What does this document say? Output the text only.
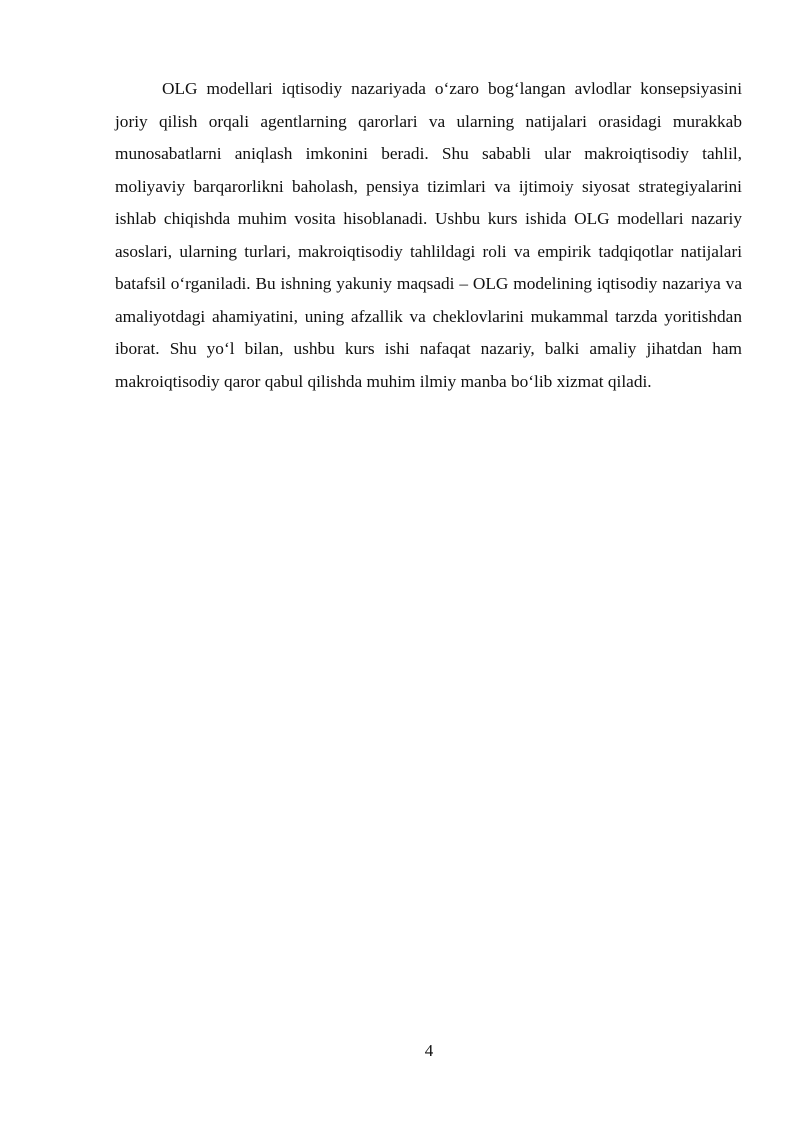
OLG modellari iqtisodiy nazariyada o‘zaro bog‘langan avlodlar konsepsiyasini joriy qilish orqali agentlarning qarorlari va ularning natijalari orasidagi murakkab munosabatlarni aniqlash imkonini beradi. Shu sababli ular makroiqtisodiy tahlil, moliyaviy barqarorlikni baholash, pensiya tizimlari va ijtimoiy siyosat strategiyalarini ishlab chiqishda muhim vosita hisoblanadi. Ushbu kurs ishida OLG modellari nazariy asoslari, ularning turlari, makroiqtisodiy tahlildagi roli va empirik tadqiqotlar natijalari batafsil o‘rganiladi. Bu ishning yakuniy maqsadi – OLG modelining iqtisodiy nazariya va amaliyotdagi ahamiyatini, uning afzallik va cheklovlarini mukammal tarzda yoritishdan iborat. Shu yo‘l bilan, ushbu kurs ishi nafaqat nazariy, balki amaliy jihatdan ham makroiqtisodiy qaror qabul qilishda muhim ilmiy manba bo‘lib xizmat qiladi.

4
